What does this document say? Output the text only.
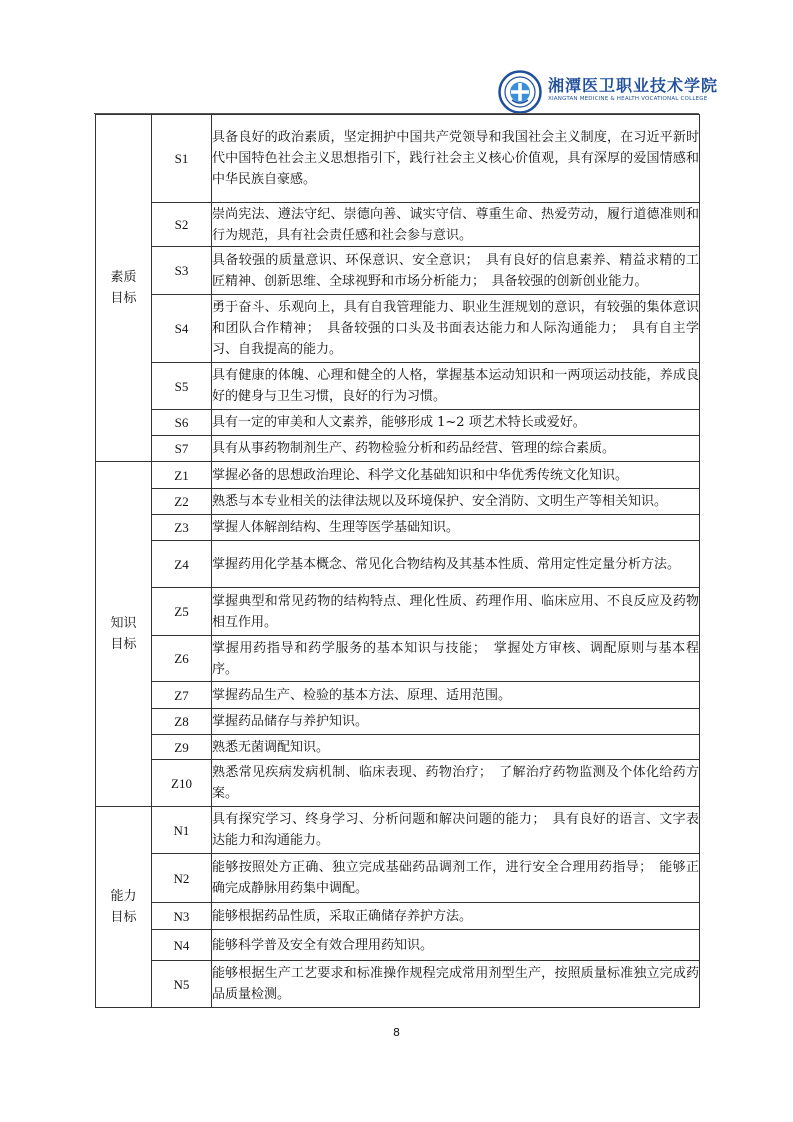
湘潭医卫职业技术学院
XIANGTAN MEDICINE & HEALTH VOCATIONAL COLLEGE
素质
目标	S1	具备良好的政治素质，坚定拥护中国共产党领导和我国社会主义制度，在习近平新时代中国特色社会主义思想指引下，践行社会主义核心价值观，具有深厚的爱国情感和中华民族自豪感。
	S2	崇尚宪法、遵法守纪、崇德向善、诚实守信、尊重生命、热爱劳动，履行道德准则和行为规范，具有社会责任感和社会参与意识。
	S3	具备较强的质量意识、环保意识、安全意识；　具有良好的信息素养、精益求精的工匠精神、创新思维、全球视野和市场分析能力；　具备较强的创新创业能力。
	S4	勇于奋斗、乐观向上，具有自我管理能力、职业生涯规划的意识，有较强的集体意识和团队合作精神；　具备较强的口头及书面表达能力和人际沟通能力；　具有自主学习、自我提高的能力。
	S5	具有健康的体魄、心理和健全的人格，掌握基本运动知识和一两项运动技能，养成良好的健身与卫生习惯，良好的行为习惯。
	S6	具有一定的审美和人文素养，能够形成 1~2 项艺术特长或爱好。
	S7	具有从事药物制剂生产、药物检验分析和药品经营、管理的综合素质。

知识
目标	Z1	掌握必备的思想政治理论、科学文化基础知识和中华优秀传统文化知识。
	Z2	熟悉与本专业相关的法律法规以及环境保护、安全消防、文明生产等相关知识。
	Z3	掌握人体解剖结构、生理等医学基础知识。
	Z4	掌握药用化学基本概念、常见化合物结构及其基本性质、常用定性定量分析方法。
	Z5	掌握典型和常见药物的结构特点、理化性质、药理作用、临床应用、不良反应及药物相互作用。
	Z6	掌握用药指导和药学服务的基本知识与技能；　掌握处方审核、调配原则与基本程序。
	Z7	掌握药品生产、检验的基本方法、原理、适用范围。
	Z8	掌握药品储存与养护知识。
	Z9	熟悉无菌调配知识。
	Z10	熟悉常见疾病发病机制、临床表现、药物治疗；　了解治疗药物监测及个体化给药方案。

能力
目标	N1	具有探究学习、终身学习、分析问题和解决问题的能力；　具有良好的语言、文字表达能力和沟通能力。
	N2	能够按照处方正确、独立完成基础药品调剂工作，进行安全合理用药指导；　能够正确完成静脉用药集中调配。
	N3	能够根据药品性质，采取正确储存养护方法。
	N4	能够科学普及安全有效合理用药知识。
	N5	能够根据生产工艺要求和标准操作规程完成常用剂型生产，按照质量标准独立完成药品质量检测。
8
